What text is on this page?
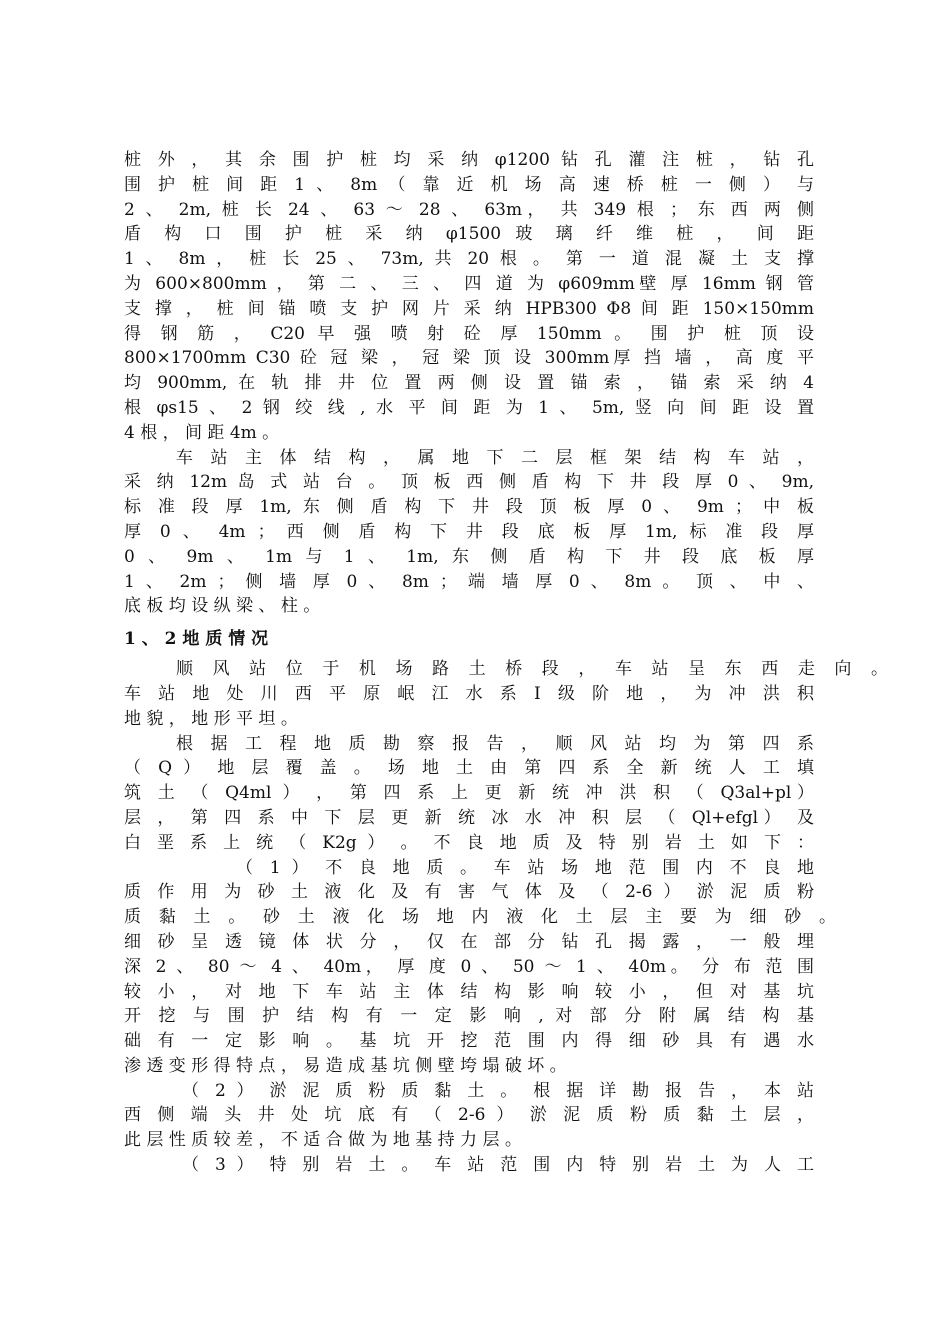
桩 外 ， 其 余 围 护 桩 均 采 纳 φ1200 钻 孔 灌 注 桩 ， 钻 孔
围 护 桩 间 距 1 、 8m （ 靠 近 机 场 高 速 桥 桩 一 侧 ） 与
2 、 2m, 桩 长 24 、 63 ～ 28 、 63m， 共 349 根 ； 东 西 两 侧
盾 构 口 围 护 桩 采 纳 φ1500 玻 璃 纤 维 桩 ， 间 距
1 、 8m ， 桩 长 25 、 73m, 共 20 根 。 第 一 道 混 凝 土 支 撑
为 600×800mm ， 第 二 、 三 、 四 道 为 φ609mm壁 厚 16mm 钢 管
支 撑 ， 桩 间 锚 喷 支 护 网 片 采 纳 HPB300 Φ8 间 距 150×150mm
得 钢 筋 ， C20 早 强 喷 射 砼 厚 150mm 。 围 护 桩 顶 设
800×1700mm C30 砼 冠 梁 ， 冠 梁 顶 设 300mm厚 挡 墙 ， 高 度 平
均 900mm, 在 轨 排 井 位 置 两 侧 设 置 锚 索 ， 锚 索 采 纳 4
根 φs15 、 2 钢 绞 线 , 水 平 间 距 为 1 、 5m, 竖 向 间 距 设 置
4 根 ， 间 距 4m 。
车 站 主 体 结 构 ， 属 地 下 二 层 框 架 结 构 车 站 ，
采 纳 12m 岛 式 站 台 。 顶 板 西 侧 盾 构 下 井 段 厚 0 、 9m,
标 准 段 厚 1m, 东 侧 盾 构 下 井 段 顶 板 厚 0 、 9m ； 中 板
厚 0 、 4m ； 西 侧 盾 构 下 井 段 底 板 厚 1m, 标 准 段 厚
0 、 9m 、 1m 与 1 、 1m, 东 侧 盾 构 下 井 段 底 板 厚
1 、 2m ； 侧 墙 厚 0 、 8m ； 端 墙 厚 0 、 8m 。 顶 、 中 、
底 板 均 设 纵 梁 、 柱 。
1 、 2 地 质 情 况
顺 风 站 位 于 机 场 路 土 桥 段 ， 车 站 呈 东 西 走 向 。
车 站 地 处 川 西 平 原 岷 江 水 系 Ⅰ 级 阶 地 ， 为 冲 洪 积
地 貌 ， 地 形 平 坦 。
根 据 工 程 地 质 勘 察 报 告 ， 顺 风 站 均 为 第 四 系
（ Q ） 地 层 覆 盖 。 场 地 土 由 第 四 系 全 新 统 人 工 填
筑 土 （ Q4ml ） ， 第 四 系 上 更 新 统 冲 洪 积 （ Q3al+pl）
层 ， 第 四 系 中 下 层 更 新 统 冰 水 冲 积 层 （ Ql+efgl） 及
白 垩 系 上 统 （ K2g ） 。 不 良 地 质 及 特 别 岩 土 如 下 ：
（ 1 ） 不 良 地 质 。 车 站 场 地 范 围 内 不 良 地
质 作 用 为 砂 土 液 化 及 有 害 气 体 及 （ 2-6 ） 淤 泥 质 粉
质 黏 土 。 砂 土 液 化 场 地 内 液 化 土 层 主 要 为 细 砂 。
细 砂 呈 透 镜 体 状 分 ， 仅 在 部 分 钻 孔 揭 露 ， 一 般 埋
深 2 、 80 ～ 4 、 40m， 厚 度 0 、 50 ～ 1 、 40m。 分 布 范 围
较 小 ， 对 地 下 车 站 主 体 结 构 影 响 较 小 ， 但 对 基 坑
开 挖 与 围 护 结 构 有 一 定 影 响 , 对 部 分 附 属 结 构 基
础 有 一 定 影 响 。 基 坑 开 挖 范 围 内 得 细 砂 具 有 遇 水
渗 透 变 形 得 特 点 ， 易 造 成 基 坑 侧 壁 垮 塌 破 坏 。
（ 2 ） 淤 泥 质 粉 质 黏 土 。 根 据 详 勘 报 告 ， 本 站
西 侧 端 头 井 处 坑 底 有 （ 2-6 ） 淤 泥 质 粉 质 黏 土 层 ，
此 层 性 质 较 差 ， 不 适 合 做 为 地 基 持 力 层 。
（ 3 ） 特 别 岩 土 。 车 站 范 围 内 特 别 岩 土 为 人 工
